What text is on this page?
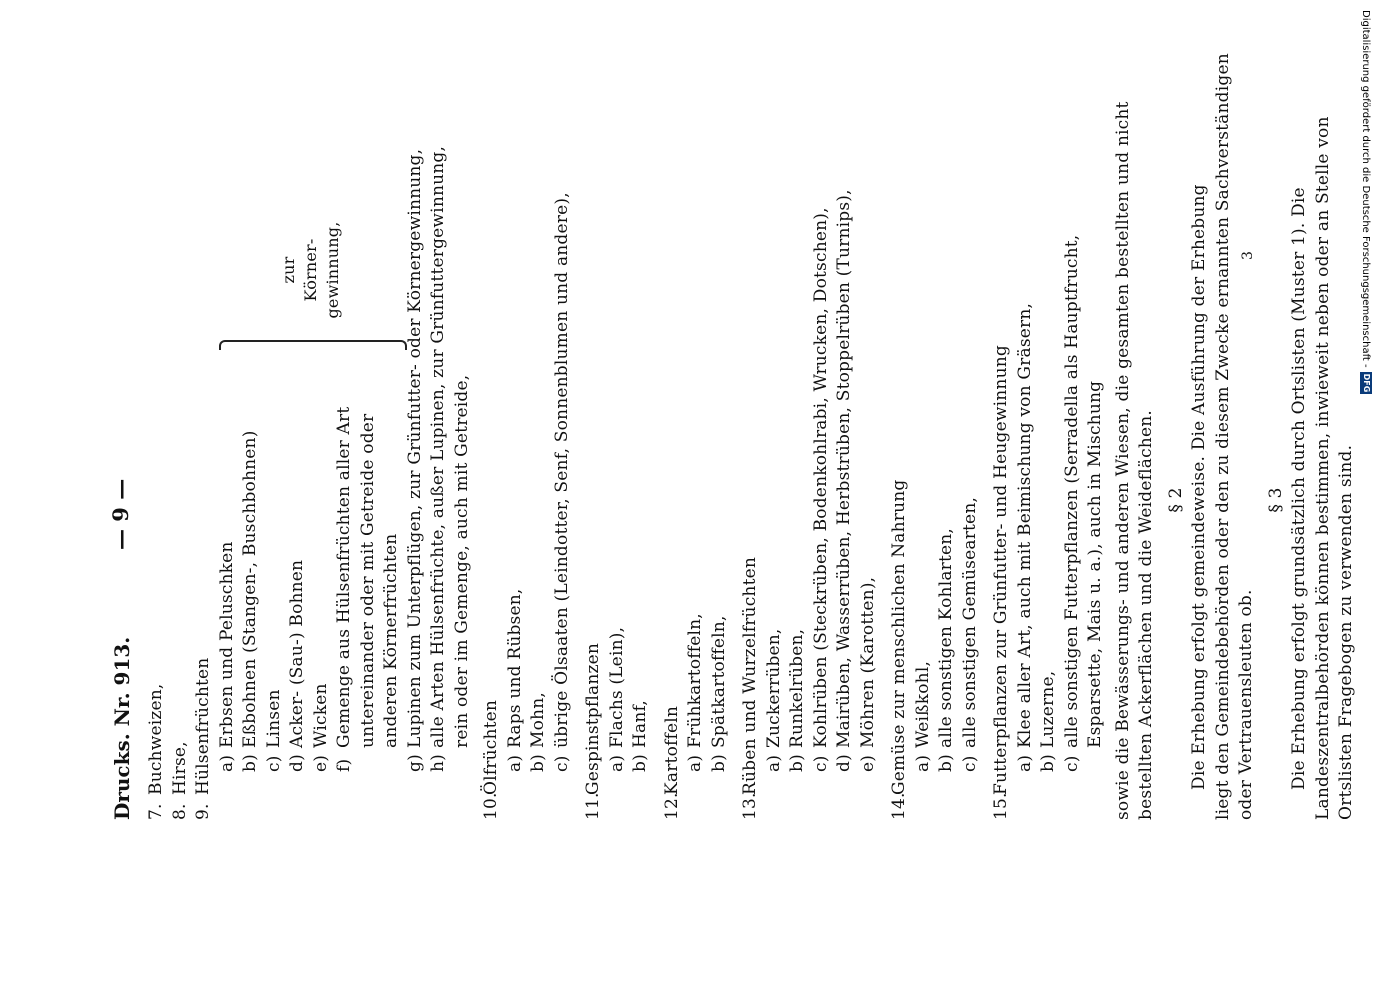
Drucks. Nr. 913.
— 9 —
7.
Buchweizen,
8.
Hirse,
9.
Hülsenfrüchten a)
Erbsen und Peluschken
b)
Eßbohnen (Stangen-, Buschbohnen)
c)
Linsen
d)
Acker- (Sau-) Bohnen
e)
Wicken
f)
Gemenge aus Hülsenfrüchten aller Art untereinander oder mit Getreide oder anderen Körnerfrüchten
g)
Lupinen zum Unterpflügen, zur Grünfutter- oder Körnergewinnung,
h)
alle Arten Hülsenfrüchte, außer Lupinen, zur Grünfuttergewinnung, rein oder im Gemenge, auch mit Getreide,
zur Körner- gewinnung,
10.
Ölfrüchten a)
Raps und Rübsen,
b)
Mohn,
c)
übrige Ölsaaten (Leindotter, Senf, Sonnenblumen und andere),
11.
Gespinstpflanzen a)
Flachs (Lein),
b)
Hanf,
12.
Kartoffeln a)
Frühkartoffeln,
b)
Spätkartoffeln,
13.
Rüben und Wurzelfrüchten a)
Zuckerrüben,
b)
Runkelrüben,
c)
Kohlrüben (Steckrüben, Bodenkohlrabi, Wrucken, Dotschen),
d)
Mairüben, Wasserrüben, Herbstrüben, Stoppelrüben (Turnips),
e)
Möhren (Karotten),
14.
Gemüse zur menschlichen Nahrung a)
Weißkohl,
b)
alle sonstigen Kohlarten,
c)
alle sonstigen Gemüsearten,
15.
Futterpflanzen zur Grünfutter- und Heugewinnung a)
Klee aller Art, auch mit Beimischung von Gräsern,
b)
Luzerne,
c)
alle sonstigen Futterpflanzen (Serradella als Hauptfrucht, Esparsette, Mais u. a.), auch in Mischung sowie die Bewässerungs- und anderen Wiesen, die gesamten bestellten und nicht bestellten Ackerflächen und die Weideflächen. § 2 Die Erhebung erfolgt gemeindeweise. Die Ausführung der Erhebung liegt den Gemeindebehörden oder den zu diesem Zwecke ernannten Sachverständigen oder Vertrauensleuten ob.
§ 3 Die Erhebung erfolgt grundsätzlich durch Ortslisten (Muster 1). Die Landeszentralbehörden können bestimmen, inwieweit neben oder an Stelle von Ortslisten Fragebogen zu verwenden sind.
3	Digitalisierung gefördert durch die Deutsche Forschungsgemeinschaft -
DFG
